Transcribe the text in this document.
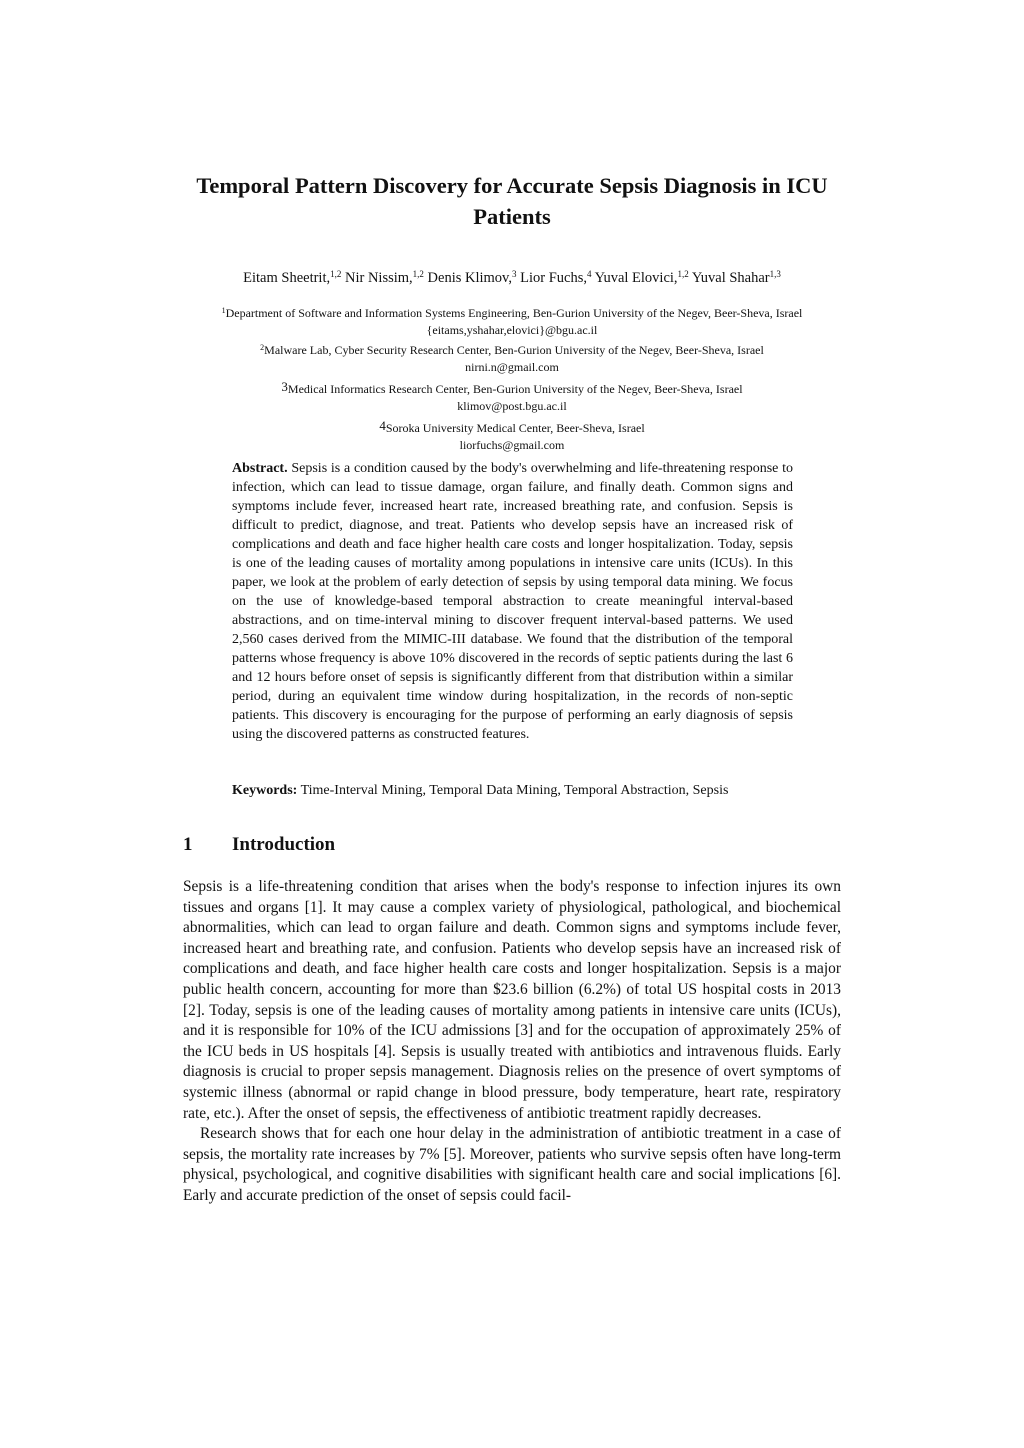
Temporal Pattern Discovery for Accurate Sepsis Diagnosis in ICU Patients
Eitam Sheetrit,$^{1,2}$ Nir Nissim,$^{1,2}$ Denis Klimov,$^3$ Lior Fuchs,$^4$ Yuval Elovici,$^{1,2}$ Yuval Shahar$^{1,3}$
$^1$Department of Software and Information Systems Engineering, Ben-Gurion University of the Negev, Beer-Sheva, Israel
{eitams,yshahar,elovici}@bgu.ac.il
$^2$Malware Lab, Cyber Security Research Center, Ben-Gurion University of the Negev, Beer-Sheva, Israel
nirni.n@gmail.com
3Medical Informatics Research Center, Ben-Gurion University of the Negev, Beer-Sheva, Israel
klimov@post.bgu.ac.il
4Soroka University Medical Center, Beer-Sheva, Israel
liorfuchs@gmail.com
Abstract. Sepsis is a condition caused by the body's overwhelming and life-threatening response to infection, which can lead to tissue damage, organ failure, and finally death. Common signs and symptoms include fever, increased heart rate, increased breathing rate, and confusion. Sepsis is difficult to predict, diagnose, and treat. Patients who develop sepsis have an increased risk of complications and death and face higher health care costs and longer hospitalization. Today, sepsis is one of the leading causes of mortality among populations in intensive care units (ICUs). In this paper, we look at the problem of early detection of sepsis by using temporal data mining. We focus on the use of knowledge-based temporal abstraction to create meaningful interval-based abstractions, and on time-interval mining to discover frequent interval-based patterns. We used 2,560 cases derived from the MIMIC-III database. We found that the distribution of the temporal patterns whose frequency is above 10% discovered in the records of septic patients during the last 6 and 12 hours before onset of sepsis is significantly different from that distribution within a similar period, during an equivalent time window during hospitalization, in the records of non-septic patients. This discovery is encouraging for the purpose of performing an early diagnosis of sepsis using the discovered patterns as constructed features.
Keywords: Time-Interval Mining, Temporal Data Mining, Temporal Abstraction, Sepsis
1 Introduction

Sepsis is a life-threatening condition that arises when the body's response to infection injures its own tissues and organs [1]. It may cause a complex variety of physiological, pathological, and biochemical abnormalities, which can lead to organ failure and death. Common signs and symptoms include fever, increased heart and breathing rate, and confusion. Patients who develop sepsis have an increased risk of complications and death, and face higher health care costs and longer hospitalization. Sepsis is a major public health concern, accounting for more than $23.6 billion (6.2%) of total US hospital costs in 2013 [2]. Today, sepsis is one of the leading causes of mortality among patients in intensive care units (ICUs), and it is responsible for 10% of the ICU admissions [3] and for the occupation of approximately 25% of the ICU beds in US hospitals [4]. Sepsis is usually treated with antibiotics and intravenous fluids. Early diagnosis is crucial to proper sepsis management. Diagnosis relies on the presence of overt symptoms of systemic illness (abnormal or rapid change in blood pressure, body temperature, heart rate, respiratory rate, etc.). After the onset of sepsis, the effectiveness of antibiotic treatment rapidly decreases.

Research shows that for each one hour delay in the administration of antibiotic treatment in a case of sepsis, the mortality rate increases by 7% [5]. Moreover, patients who survive sepsis often have long-term physical, psychological, and cognitive disabilities with significant health care and social implications [6]. Early and accurate prediction of the onset of sepsis could facil-
